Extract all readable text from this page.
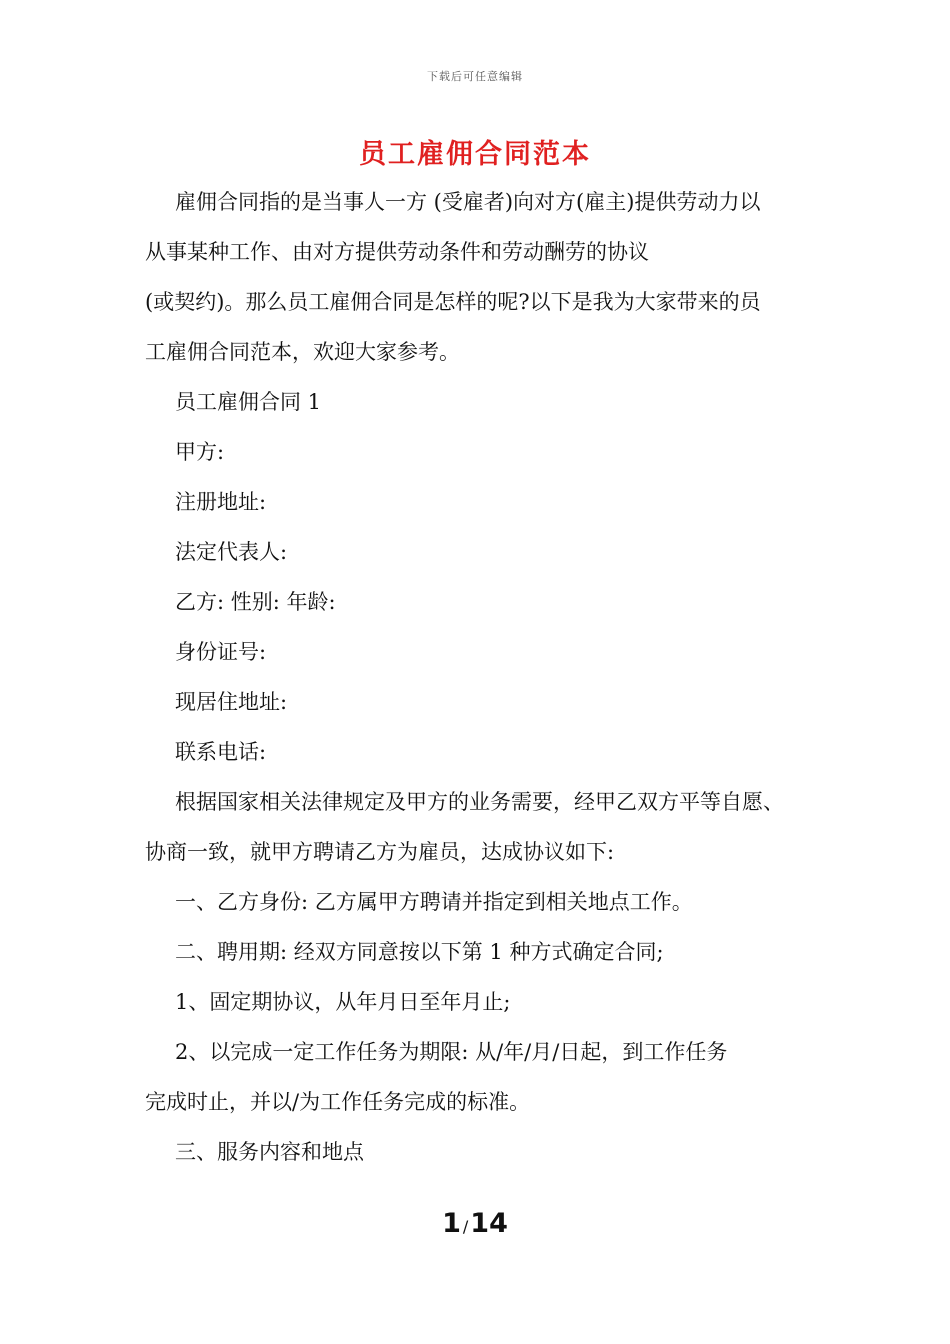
下载后可任意编辑
员工雇佣合同范本

雇佣合同指的是当事人一方 (受雇者)向对方(雇主)提供劳动力以

从事某种工作、由对方提供劳动条件和劳动酬劳的协议
(或契约)。那么员工雇佣合同是怎样的呢?以下是我为大家带来的员
工雇佣合同范本，欢迎大家参考。

员工雇佣合同 1

甲方:

注册地址:

法定代表人:

乙方: 性别: 年龄:

身份证号:

现居住地址:

联系电话:

根据国家相关法律规定及甲方的业务需要，经甲乙双方平等自愿、

协商一致，就甲方聘请乙方为雇员，达成协议如下:

一、乙方身份: 乙方属甲方聘请并指定到相关地点工作。

二、聘用期: 经双方同意按以下第 1 种方式确定合同;

1、固定期协议，从年月日至年月止;

2、以完成一定工作任务为期限: 从/年/月/日起，到工作任务

完成时止，并以/为工作任务完成的标准。

三、服务内容和地点

1 /14
